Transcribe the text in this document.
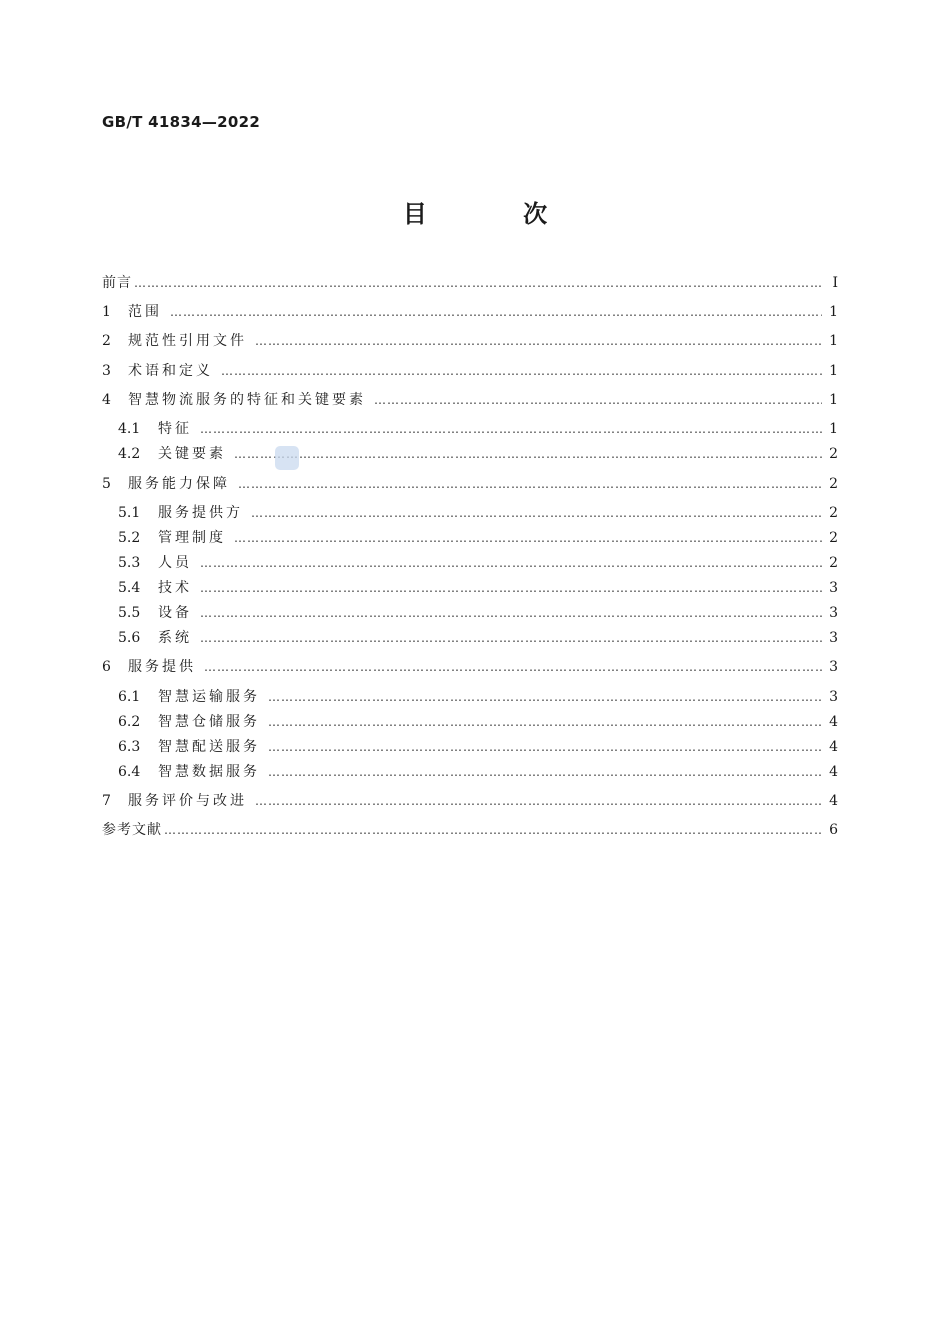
GB/T 41834—2022
目 次
前言 ………………………………………………………………………………………………………………………………………………………………………………………………………………………………………………………………………………	I
1	范围 ………………………………………………………………………………………………………………………………………………………………………………………………………………………………………………………………………………	1
2	规范性引用文件 ………………………………………………………………………………………………………………………………………………………………………………………………………………………………………………………………………………	1
3	术语和定义 ………………………………………………………………………………………………………………………………………………………………………………………………………………………………………………………………………………	1
4	智慧物流服务的特征和关键要素 ………………………………………………………………………………………………………………………………………………………………………………………………………………………………………………………………………………	1
4.1	特征 ………………………………………………………………………………………………………………………………………………………………………………………………………………………………………………………………………………	1
4.2	关键要素 ………………………………………………………………………………………………………………………………………………………………………………………………………………………………………………………………………………	2
5	服务能力保障 ………………………………………………………………………………………………………………………………………………………………………………………………………………………………………………………………………………	2
5.1	服务提供方 ………………………………………………………………………………………………………………………………………………………………………………………………………………………………………………………………………………	2
5.2	管理制度 ………………………………………………………………………………………………………………………………………………………………………………………………………………………………………………………………………………	2
5.3	人员 ………………………………………………………………………………………………………………………………………………………………………………………………………………………………………………………………………………	2
5.4	技术 ………………………………………………………………………………………………………………………………………………………………………………………………………………………………………………………………………………	3
5.5	设备 ………………………………………………………………………………………………………………………………………………………………………………………………………………………………………………………………………………	3
5.6	系统 ………………………………………………………………………………………………………………………………………………………………………………………………………………………………………………………………………………	3
6	服务提供 ………………………………………………………………………………………………………………………………………………………………………………………………………………………………………………………………………………	3
6.1	智慧运输服务 ………………………………………………………………………………………………………………………………………………………………………………………………………………………………………………………………………………	3
6.2	智慧仓储服务 ………………………………………………………………………………………………………………………………………………………………………………………………………………………………………………………………………………	4
6.3	智慧配送服务 ………………………………………………………………………………………………………………………………………………………………………………………………………………………………………………………………………………	4
6.4	智慧数据服务 ………………………………………………………………………………………………………………………………………………………………………………………………………………………………………………………………………………	4
7	服务评价与改进 ………………………………………………………………………………………………………………………………………………………………………………………………………………………………………………………………………………	4
参考文献 ………………………………………………………………………………………………………………………………………………………………………………………………………………………………………………………………………………	6
